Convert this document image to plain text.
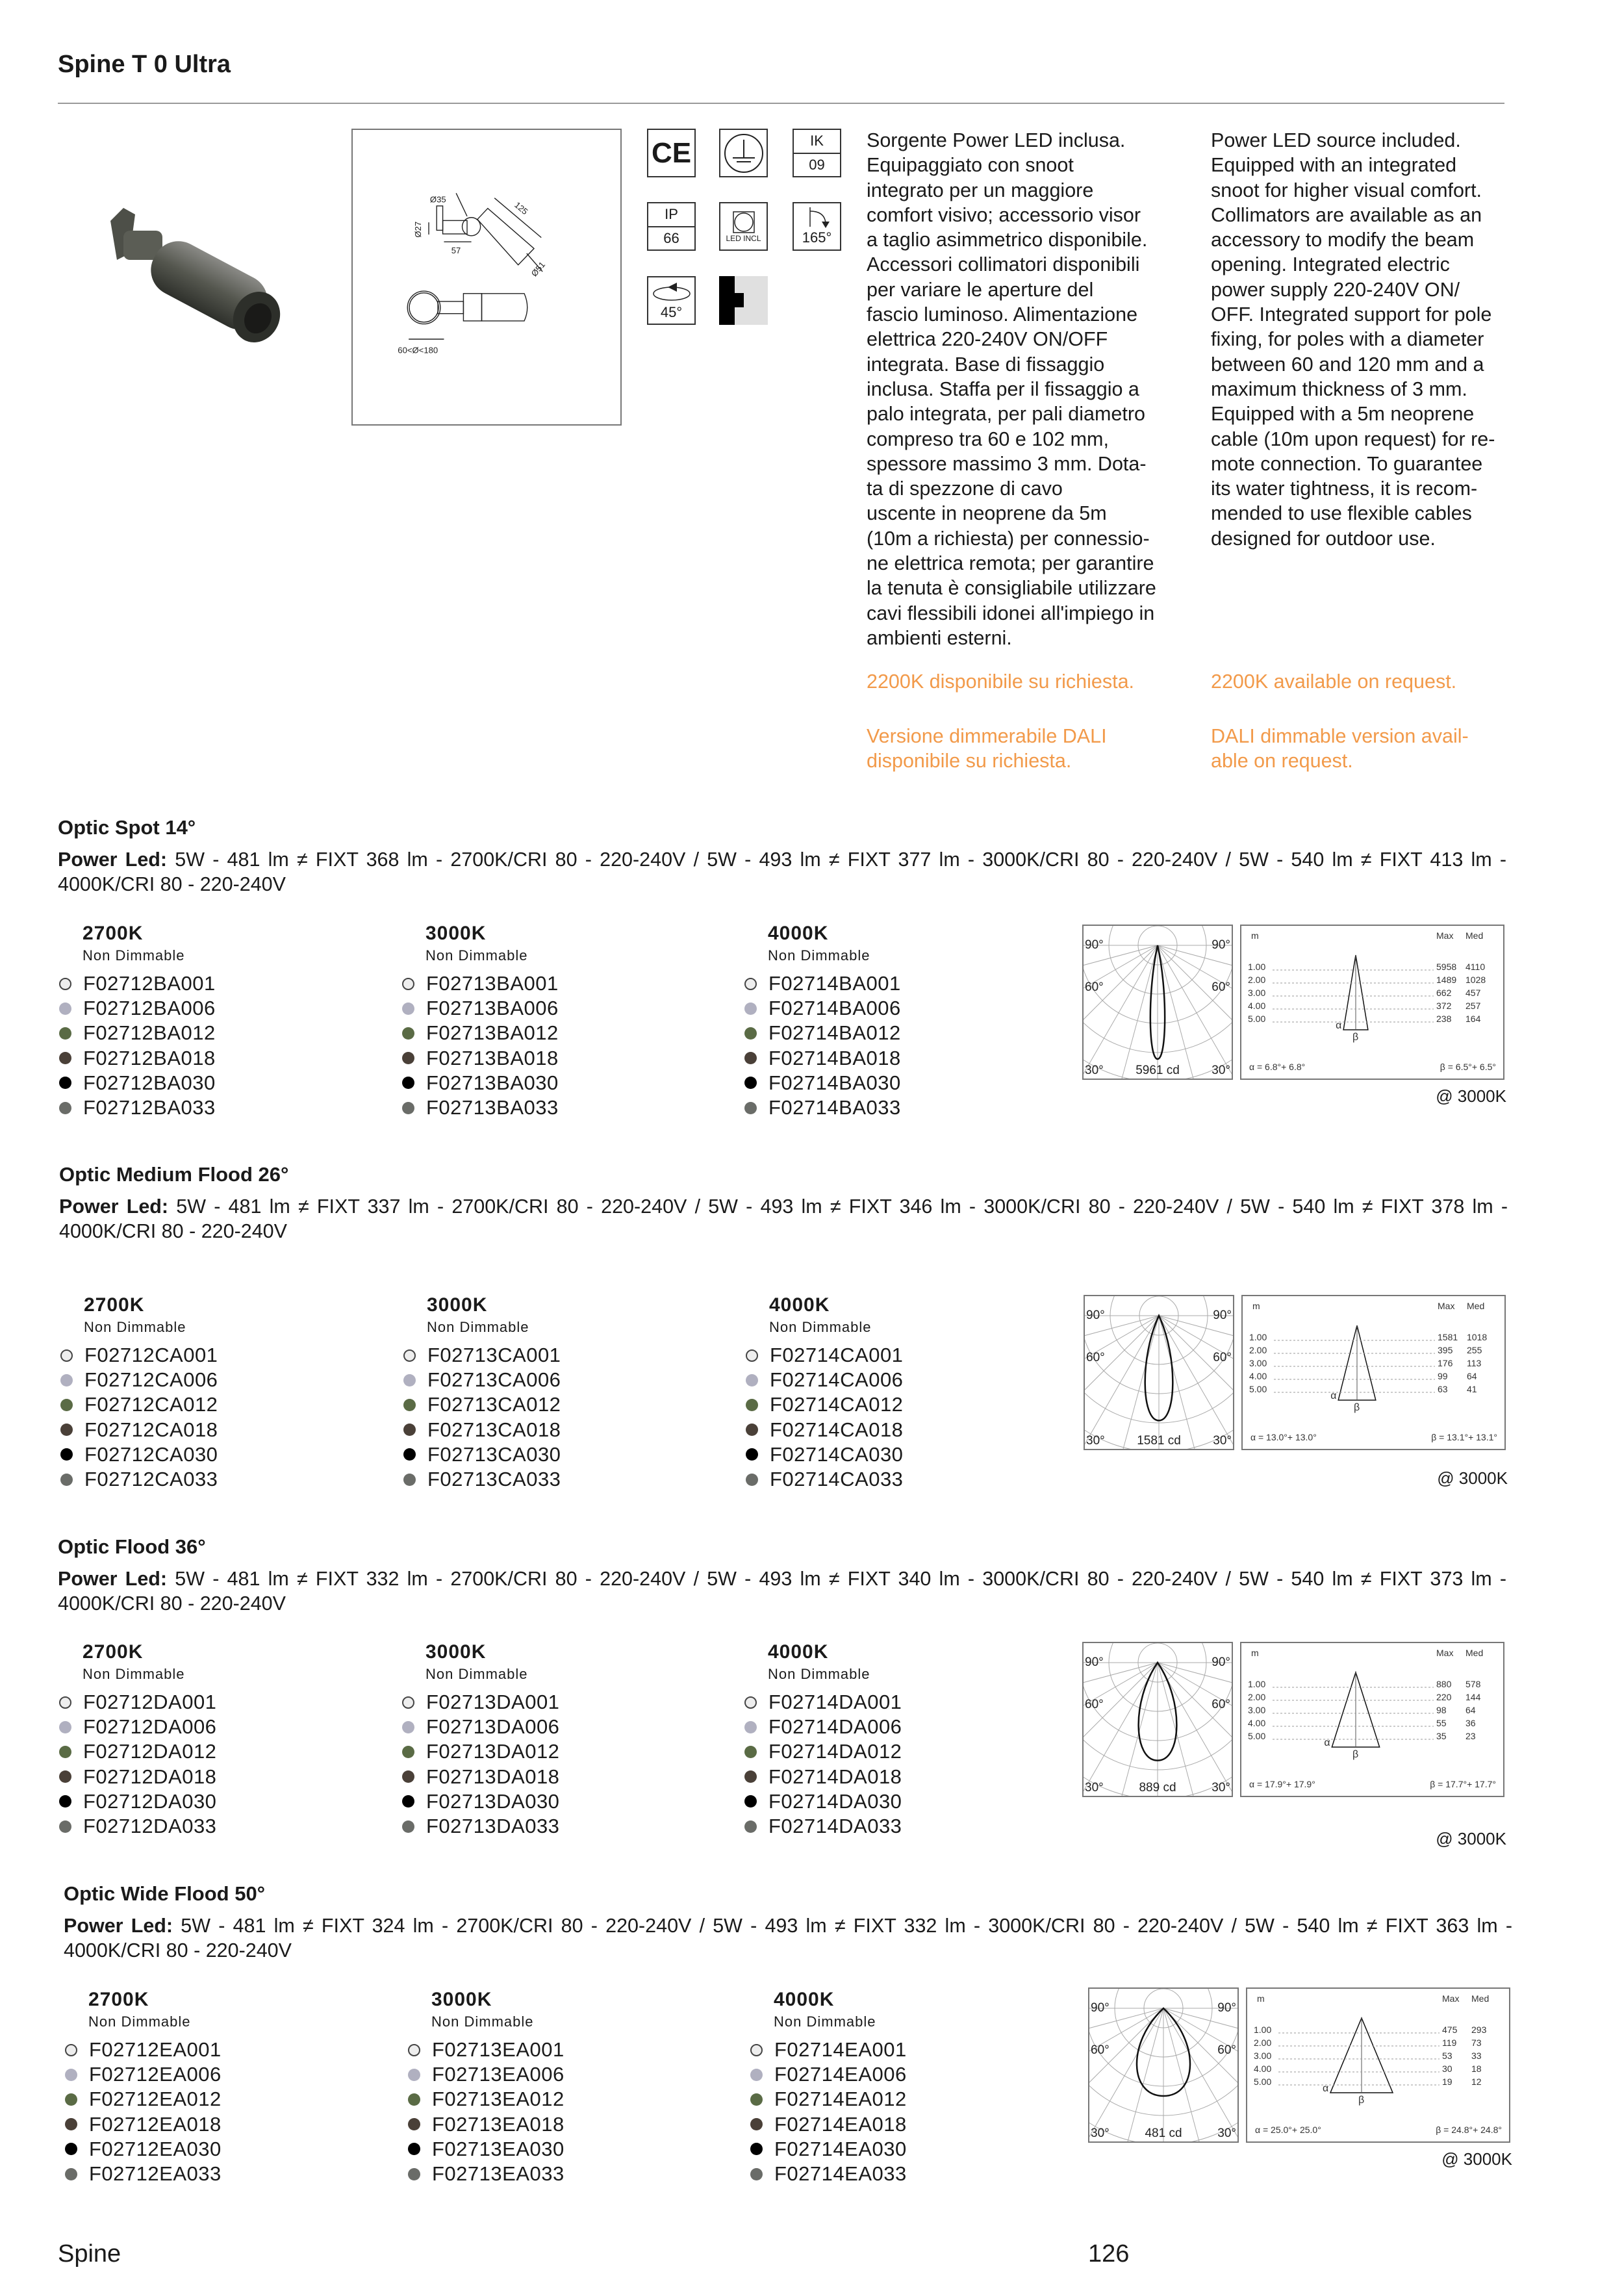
Spine T 0 Ultra
Ø35
Ø27
57
125
Ø51
60<Ø<180
CE	IK
09
IP
66	LED INCL	165°
45°
Sorgente Power LED inclusa.
Equipaggiato con snoot
integrato per un maggiore
comfort visivo; accessorio visor
a taglio asimmetrico disponibile.
Accessori collimatori disponibili
per variare le aperture del
fascio luminoso. Alimentazione
elettrica 220-240V ON/OFF
integrata. Base di fissaggio
inclusa. Staffa per il fissaggio a
palo integrata, per pali diametro
compreso tra 60 e 102 mm,
spessore massimo 3 mm. Dota-
ta di spezzone di cavo
uscente in neoprene da 5m
(10m a richiesta) per connessio-
ne elettrica remota; per garantire
la tenuta è consigliabile utilizzare
cavi flessibili idonei all'impiego in
ambienti esterni.
Power LED source included.
Equipped with an integrated
snoot for higher visual comfort.
Collimators are available as an
accessory to modify the beam
opening. Integrated electric
power supply 220-240V ON/
OFF. Integrated support for pole
fixing, for poles with a diameter
between 60 and 120 mm and a
maximum thickness of 3 mm.
Equipped with a 5m neoprene
cable (10m upon request) for re-
mote connection. To guarantee
its water tightness, it is recom-
mended to use flexible cables
designed for outdoor use.
2200K disponibile su richiesta.	2200K available on request.
Versione dimmerabile DALI
disponibile su richiesta.
DALI dimmable version avail-
able on request.
Optic Spot 14°
Power Led: 5W - 481 lm ≠ FIXT 368 lm - 2700K/CRI 80 - 220-240V / 5W - 493 lm ≠ FIXT 377 lm - 3000K/CRI 80 - 220-240V / 5W - 540 lm ≠ FIXT 413 lm - 4000K/CRI 80 - 220-240V
2700K
Non Dimmable
F02712BA001
F02712BA006
F02712BA012
F02712BA018
F02712BA030
F02712BA033
3000K
Non Dimmable
F02713BA001
F02713BA006
F02713BA012
F02713BA018
F02713BA030
F02713BA033
4000K
Non Dimmable
F02714BA001
F02714BA006
F02714BA012
F02714BA018
F02714BA030
F02714BA033
90°	90°
60°	60°
30°	30°
5961 cd
m	Max Med
1.00	5958 4110
2.00	1489 1028
3.00	662 457
4.00	372 257
5.00	238 164
α
β
α = 6.8°+ 6.8°	β = 6.5°+ 6.5°
@ 3000K
Optic Medium Flood 26°
Power Led: 5W - 481 lm ≠ FIXT 337 lm - 2700K/CRI 80 - 220-240V / 5W - 493 lm ≠ FIXT 346 lm - 3000K/CRI 80 - 220-240V / 5W - 540 lm ≠ FIXT 378 lm - 4000K/CRI 80 - 220-240V
2700K
Non Dimmable
F02712CA001
F02712CA006
F02712CA012
F02712CA018
F02712CA030
F02712CA033
3000K
Non Dimmable
F02713CA001
F02713CA006
F02713CA012
F02713CA018
F02713CA030
F02713CA033
4000K
Non Dimmable
F02714CA001
F02714CA006
F02714CA012
F02714CA018
F02714CA030
F02714CA033
90°	90°
60°	60°
30°	30°
1581 cd
m	Max Med
1.00	1581 1018
2.00	395 255
3.00	176 113
4.00	99 64
5.00	63 41
α
β
α = 13.0°+ 13.0°	β = 13.1°+ 13.1°
@ 3000K
Optic Flood 36°
Power Led: 5W - 481 lm ≠ FIXT 332 lm - 2700K/CRI 80 - 220-240V / 5W - 493 lm ≠ FIXT 340 lm - 3000K/CRI 80 - 220-240V / 5W - 540 lm ≠ FIXT 373 lm - 4000K/CRI 80 - 220-240V
2700K
Non Dimmable
F02712DA001
F02712DA006
F02712DA012
F02712DA018
F02712DA030
F02712DA033
3000K
Non Dimmable
F02713DA001
F02713DA006
F02713DA012
F02713DA018
F02713DA030
F02713DA033
4000K
Non Dimmable
F02714DA001
F02714DA006
F02714DA012
F02714DA018
F02714DA030
F02714DA033
90°	90°
60°	60°
30°	30°
889 cd
m	Max Med
1.00	880 578
2.00	220 144
3.00	98 64
4.00	55 36
5.00	35 23
α
β
α = 17.9°+ 17.9°	β = 17.7°+ 17.7°
@ 3000K
Optic Wide Flood 50°
Power Led: 5W - 481 lm ≠ FIXT 324 lm - 2700K/CRI 80 - 220-240V / 5W - 493 lm ≠ FIXT 332 lm - 3000K/CRI 80 - 220-240V / 5W - 540 lm ≠ FIXT 363 lm - 4000K/CRI 80 - 220-240V
2700K
Non Dimmable
F02712EA001
F02712EA006
F02712EA012
F02712EA018
F02712EA030
F02712EA033
3000K
Non Dimmable
F02713EA001
F02713EA006
F02713EA012
F02713EA018
F02713EA030
F02713EA033
4000K
Non Dimmable
F02714EA001
F02714EA006
F02714EA012
F02714EA018
F02714EA030
F02714EA033
90°	90°
60°	60°
30°	30°
481 cd
m	Max Med
1.00	475 293
2.00	119 73
3.00	53 33
4.00	30 18
5.00	19 12
α
β
α = 25.0°+ 25.0°	β = 24.8°+ 24.8°
@ 3000K
Spine	126
